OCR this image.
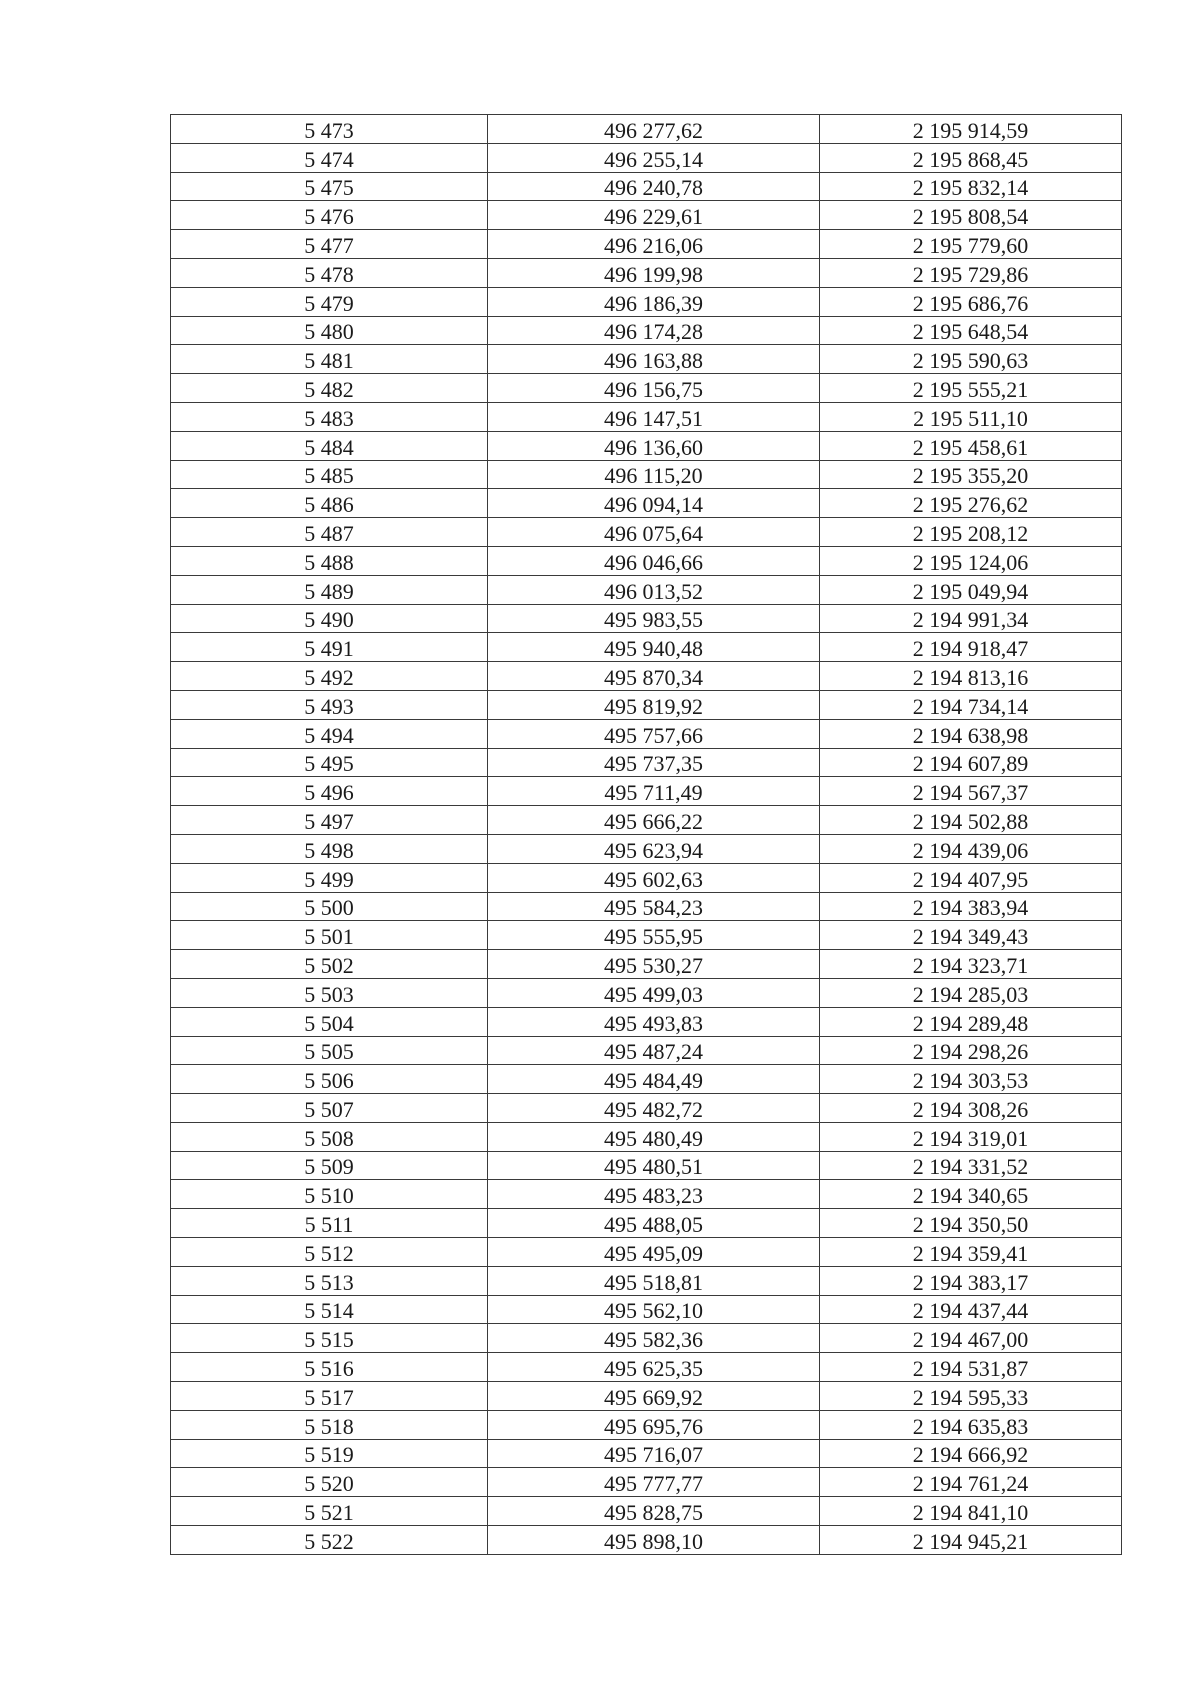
5 473	496 277,62	2 195 914,59
5 474	496 255,14	2 195 868,45
5 475	496 240,78	2 195 832,14
5 476	496 229,61	2 195 808,54
5 477	496 216,06	2 195 779,60
5 478	496 199,98	2 195 729,86
5 479	496 186,39	2 195 686,76
5 480	496 174,28	2 195 648,54
5 481	496 163,88	2 195 590,63
5 482	496 156,75	2 195 555,21
5 483	496 147,51	2 195 511,10
5 484	496 136,60	2 195 458,61
5 485	496 115,20	2 195 355,20
5 486	496 094,14	2 195 276,62
5 487	496 075,64	2 195 208,12
5 488	496 046,66	2 195 124,06
5 489	496 013,52	2 195 049,94
5 490	495 983,55	2 194 991,34
5 491	495 940,48	2 194 918,47
5 492	495 870,34	2 194 813,16
5 493	495 819,92	2 194 734,14
5 494	495 757,66	2 194 638,98
5 495	495 737,35	2 194 607,89
5 496	495 711,49	2 194 567,37
5 497	495 666,22	2 194 502,88
5 498	495 623,94	2 194 439,06
5 499	495 602,63	2 194 407,95
5 500	495 584,23	2 194 383,94
5 501	495 555,95	2 194 349,43
5 502	495 530,27	2 194 323,71
5 503	495 499,03	2 194 285,03
5 504	495 493,83	2 194 289,48
5 505	495 487,24	2 194 298,26
5 506	495 484,49	2 194 303,53
5 507	495 482,72	2 194 308,26
5 508	495 480,49	2 194 319,01
5 509	495 480,51	2 194 331,52
5 510	495 483,23	2 194 340,65
5 511	495 488,05	2 194 350,50
5 512	495 495,09	2 194 359,41
5 513	495 518,81	2 194 383,17
5 514	495 562,10	2 194 437,44
5 515	495 582,36	2 194 467,00
5 516	495 625,35	2 194 531,87
5 517	495 669,92	2 194 595,33
5 518	495 695,76	2 194 635,83
5 519	495 716,07	2 194 666,92
5 520	495 777,77	2 194 761,24
5 521	495 828,75	2 194 841,10
5 522	495 898,10	2 194 945,21
